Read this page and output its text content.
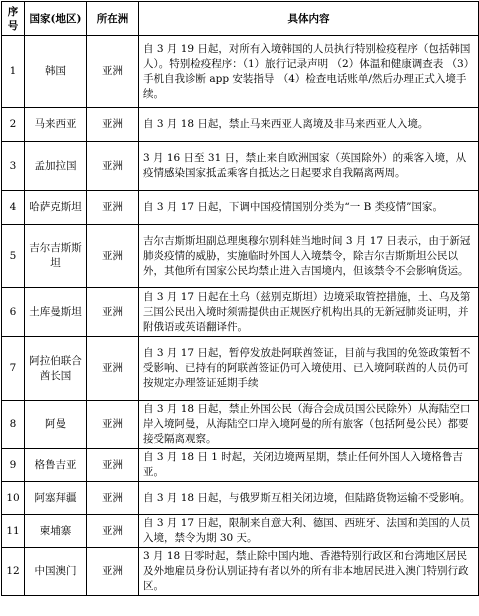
序号	国家(地区)	所在洲	具体内容
1	韩国	亚洲	自 3 月 19 日起，对所有入境韩国的人员执行特别检疫程序（包括韩国人）。特别检疫程序：（1）旅行记录声明 （2）体温和健康调查表 （3）手机自我诊断 app 安装指导 （4）检查电话账单/然后办理正式入境手续。
2	马来西亚	亚洲	自 3 月 18 日起，禁止马来西亚人离境及非马来西亚人入境。
3	孟加拉国	亚洲	3 月 16 日至 31 日，禁止来自欧洲国家（英国除外）的乘客入境，从疫情感染国家抵孟乘客自抵达之日起要求自我隔离两周。
4	哈萨克斯坦	亚洲	自 3 月 17 日起，下调中国疫情国别分类为“一 B 类疫情”国家。
5	吉尔吉斯斯坦	亚洲	吉尔吉斯斯坦副总理奥穆尔别科娃当地时间 3 月 17 日表示，由于新冠肺炎疫情的威胁，实施临时外国人入境禁令，除吉尔吉斯斯坦公民以外，其他所有国家公民均禁止进入吉国境内，但该禁令不会影响货运。
6	土库曼斯坦	亚洲	自 3 月 17 日起在土乌（兹别克斯坦）边境采取管控措施，土、乌及第三国公民出入境时须需提供由正规医疗机构出具的无新冠肺炎证明，并附俄语或英语翻译件。
7	阿拉伯联合酋长国	亚洲	自 3 月 17 日起，暂停发放赴阿联酋签证，目前与我国的免签政策暂不受影响、已持有的阿联酋签证仍可入境使用、已入境阿联酋的人员仍可按规定办理签证延期手续
8	阿曼	亚洲	自 3 月 18 日起，禁止外国公民（海合会成员国公民除外）从海陆空口岸入境阿曼，从海陆空口岸入境阿曼的所有旅客（包括阿曼公民）都要接受隔离观察。
9	格鲁吉亚	亚洲	自 3 月 18 日 1 时起，关闭边境两星期，禁止任何外国人入境格鲁吉亚。
10	阿塞拜疆	亚洲	自 3 月 18 日起，与俄罗斯互相关闭边境，但陆路货物运输不受影响。
11	柬埔寨	亚洲	自 3 月 17 日起，限制来自意大利、德国、西班牙、法国和美国的人员入境，禁令为期 30 天。
12	中国澳门	亚洲	3 月 18 日零时起，禁止除中国内地、香港特别行政区和台湾地区居民及外地雇员身份认别证持有者以外的所有非本地居民进入澳门特别行政区。
